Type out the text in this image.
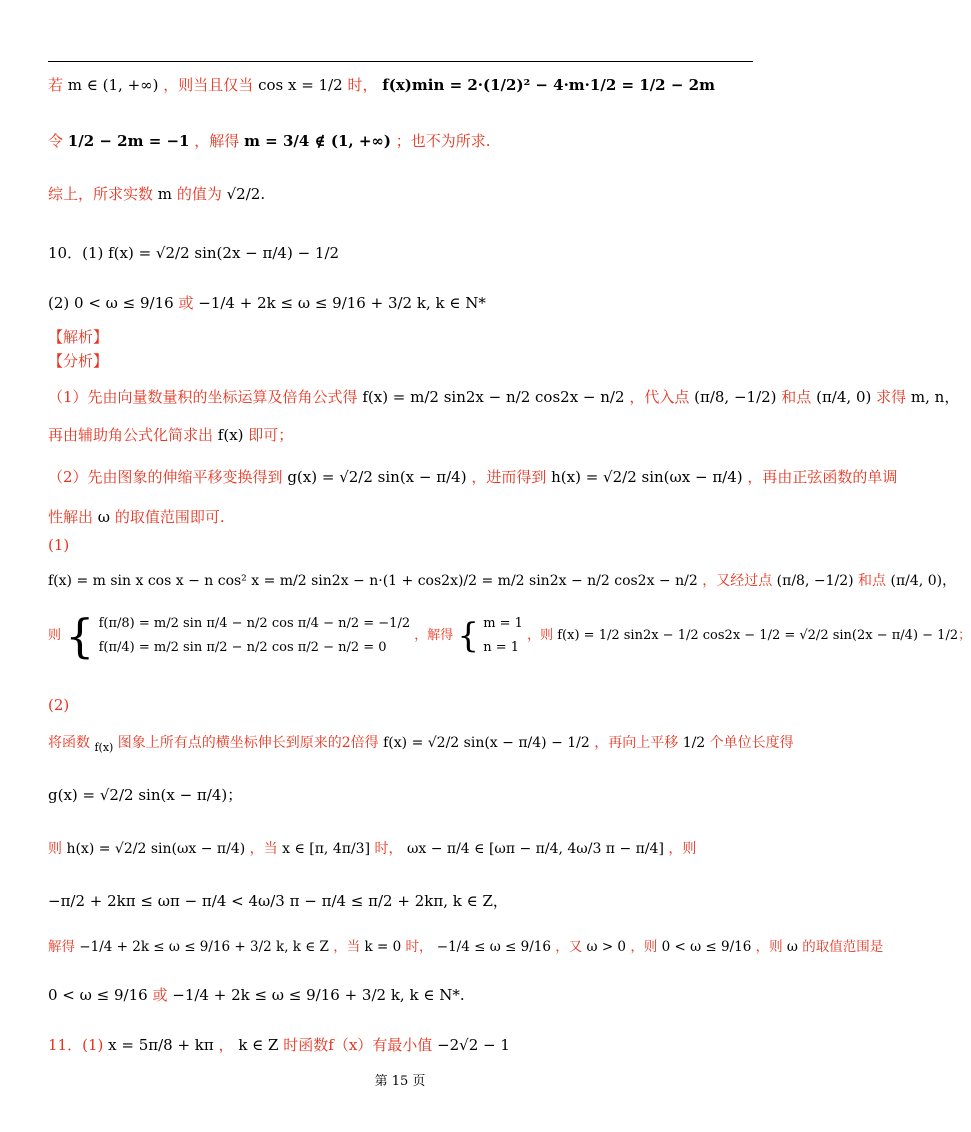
若 m ∈ (1, +∞) ，则当且仅当 cos x = 1/2 时， f(x)min = 2·(1/2)² − 4·m·1/2 = 1/2 − 2m
令 1/2 − 2m = −1 ，解得 m = 3/4 ∉ (1, +∞) ；也不为所求.
综上，所求实数 m 的值为 √2/2.
10．(1) f(x) = √2/2 sin(2x − π/4) − 1/2
(2) 0 < ω ≤ 9/16 或 −1/4 + 2k ≤ ω ≤ 9/16 + 3/2 k, k ∈ N*
【解析】
【分析】
（1）先由向量数量积的坐标运算及倍角公式得 f(x) = m/2 sin2x − n/2 cos2x − n/2 ，代入点 (π/8, −1/2) 和点 (π/4, 0) 求得 m, n，
再由辅助角公式化简求出 f(x) 即可；
（2）先由图象的伸缩平移变换得到 g(x) = √2/2 sin(x − π/4) ，进而得到 h(x) = √2/2 sin(ωx − π/4) ，再由正弦函数的单调
性解出 ω 的取值范围即可.
(1)
f(x) = m sin x cos x − n cos² x = m/2 sin2x − n·(1 + cos2x)/2 = m/2 sin2x − n/2 cos2x − n/2 ，又经过点 (π/8, −1/2) 和点 (π/4, 0)，
则 { f(π/8) = m/2 sin π/4 − n/2 cos π/4 − n/2 = −1/2
f(π/4) = m/2 sin π/2 − n/2 cos π/2 − n/2 = 0
，解得 { m = 1
n = 1
，则 f(x) = 1/2 sin2x − 1/2 cos2x − 1/2 = √2/2 sin(2x − π/4) − 1/2；
(2)
将函数 $_{f(x)}$ 图象上所有点的横坐标伸长到原来的2倍得 f(x) = √2/2 sin(x − π/4) − 1/2 ，再向上平移 1/2 个单位长度得
g(x) = √2/2 sin(x − π/4)；
则 h(x) = √2/2 sin(ωx − π/4) ，当 x ∈ [π, 4π/3] 时， ωx − π/4 ∈ [ωπ − π/4, 4ω/3 π − π/4] ，则
−π/2 + 2kπ ≤ ωπ − π/4 < 4ω/3 π − π/4 ≤ π/2 + 2kπ, k ∈ Z，
解得 −1/4 + 2k ≤ ω ≤ 9/16 + 3/2 k, k ∈ Z ，当 k = 0 时， −1/4 ≤ ω ≤ 9/16 ，又 ω > 0 ，则 0 < ω ≤ 9/16 ，则 ω 的取值范围是
0 < ω ≤ 9/16 或 −1/4 + 2k ≤ ω ≤ 9/16 + 3/2 k, k ∈ N*.
11．(1) x = 5π/8 + kπ ， k ∈ Z 时函数f（x）有最小值 −2√2 − 1
第 15 页
